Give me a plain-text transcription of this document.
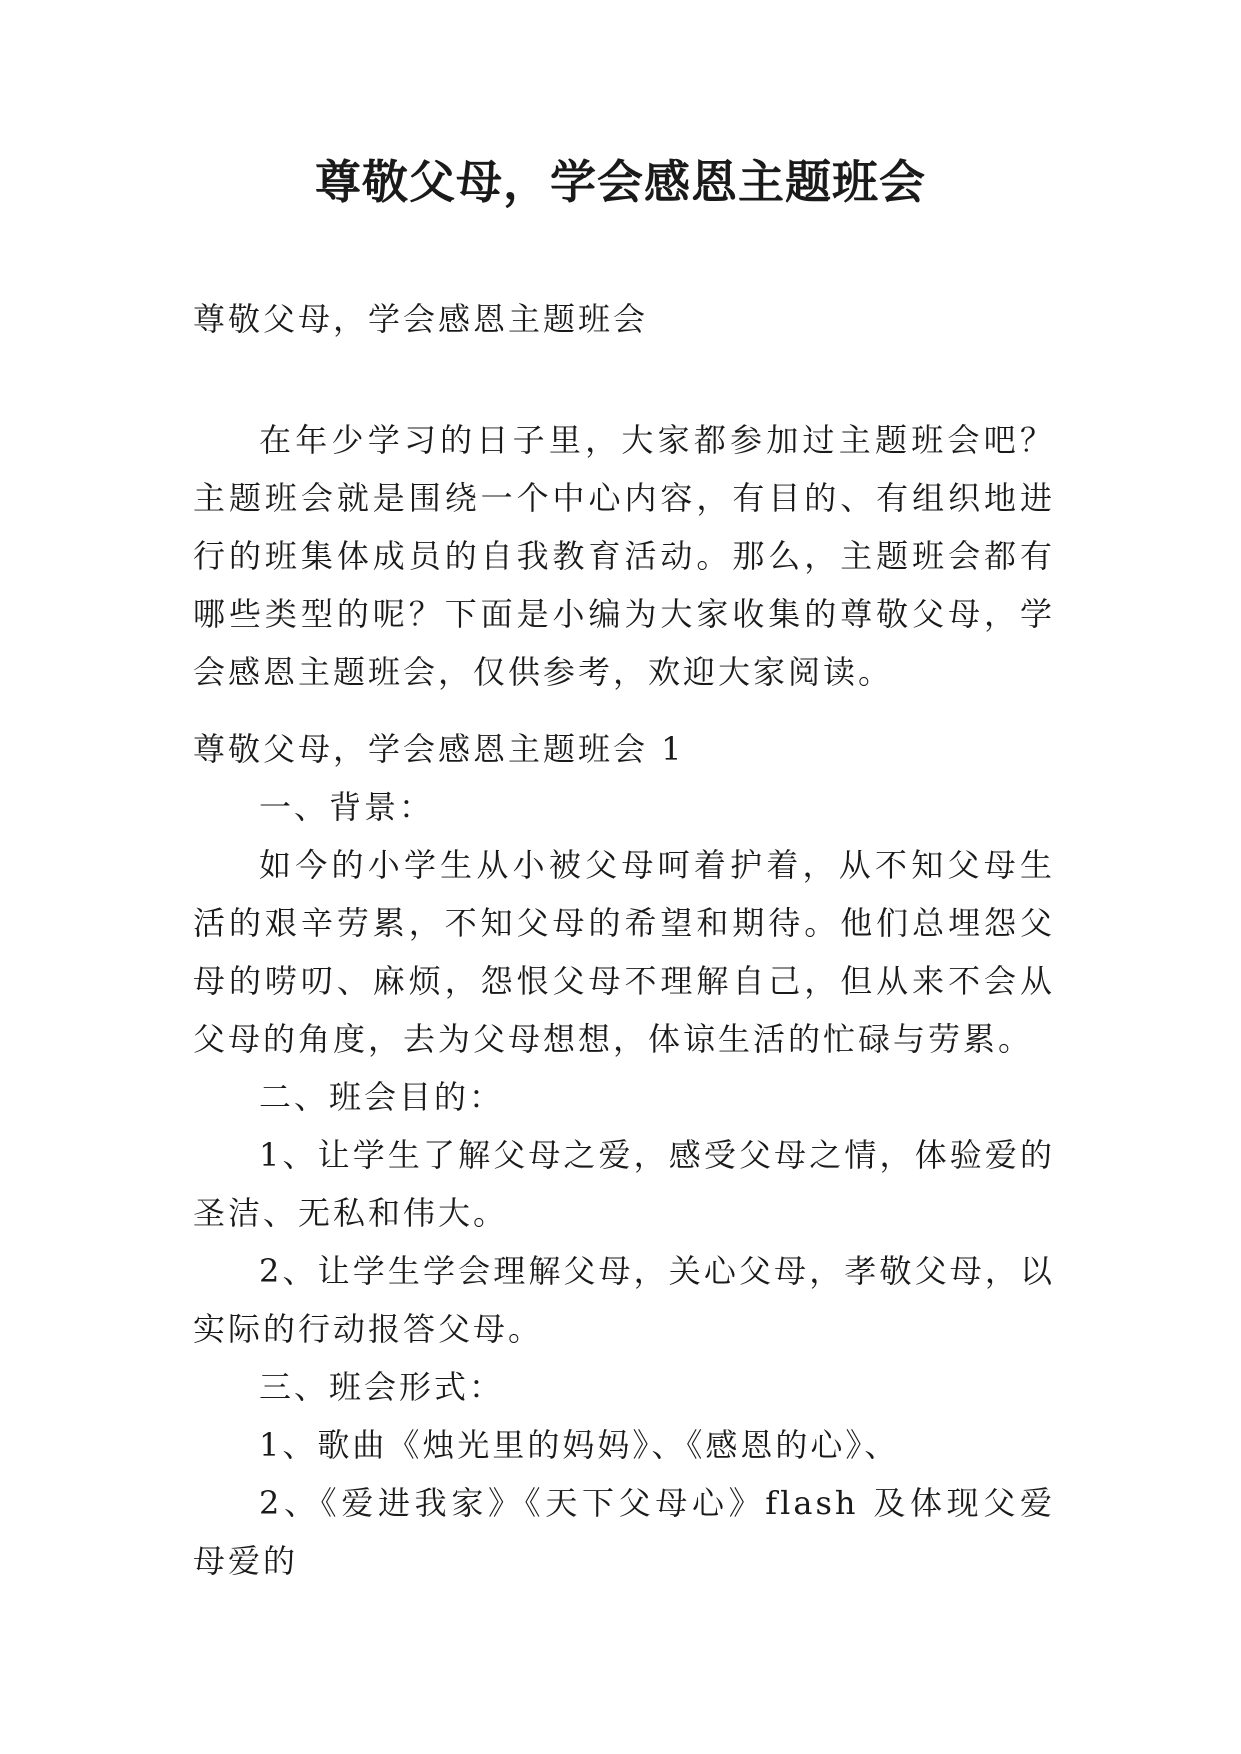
尊敬父母，学会感恩主题班会

尊敬父母，学会感恩主题班会

在年少学习的日子里，大家都参加过主题班会吧？主题班会就是围绕一个中心内容，有目的、有组织地进行的班集体成员的自我教育活动。那么，主题班会都有哪些类型的呢？下面是小编为大家收集的尊敬父母，学会感恩主题班会，仅供参考，欢迎大家阅读。

尊敬父母，学会感恩主题班会 1

一、背景：

如今的小学生从小被父母呵着护着，从不知父母生活的艰辛劳累，不知父母的希望和期待。他们总埋怨父母的唠叨、麻烦，怨恨父母不理解自己，但从来不会从父母的角度，去为父母想想，体谅生活的忙碌与劳累。

二、班会目的：

1、让学生了解父母之爱，感受父母之情，体验爱的圣洁、无私和伟大。

2、让学生学会理解父母，关心父母，孝敬父母，以实际的行动报答父母。

三、班会形式：

1、歌曲《烛光里的妈妈》、《感恩的心》、

2、《爱进我家》《天下父母心》flash 及体现父爱母爱的
